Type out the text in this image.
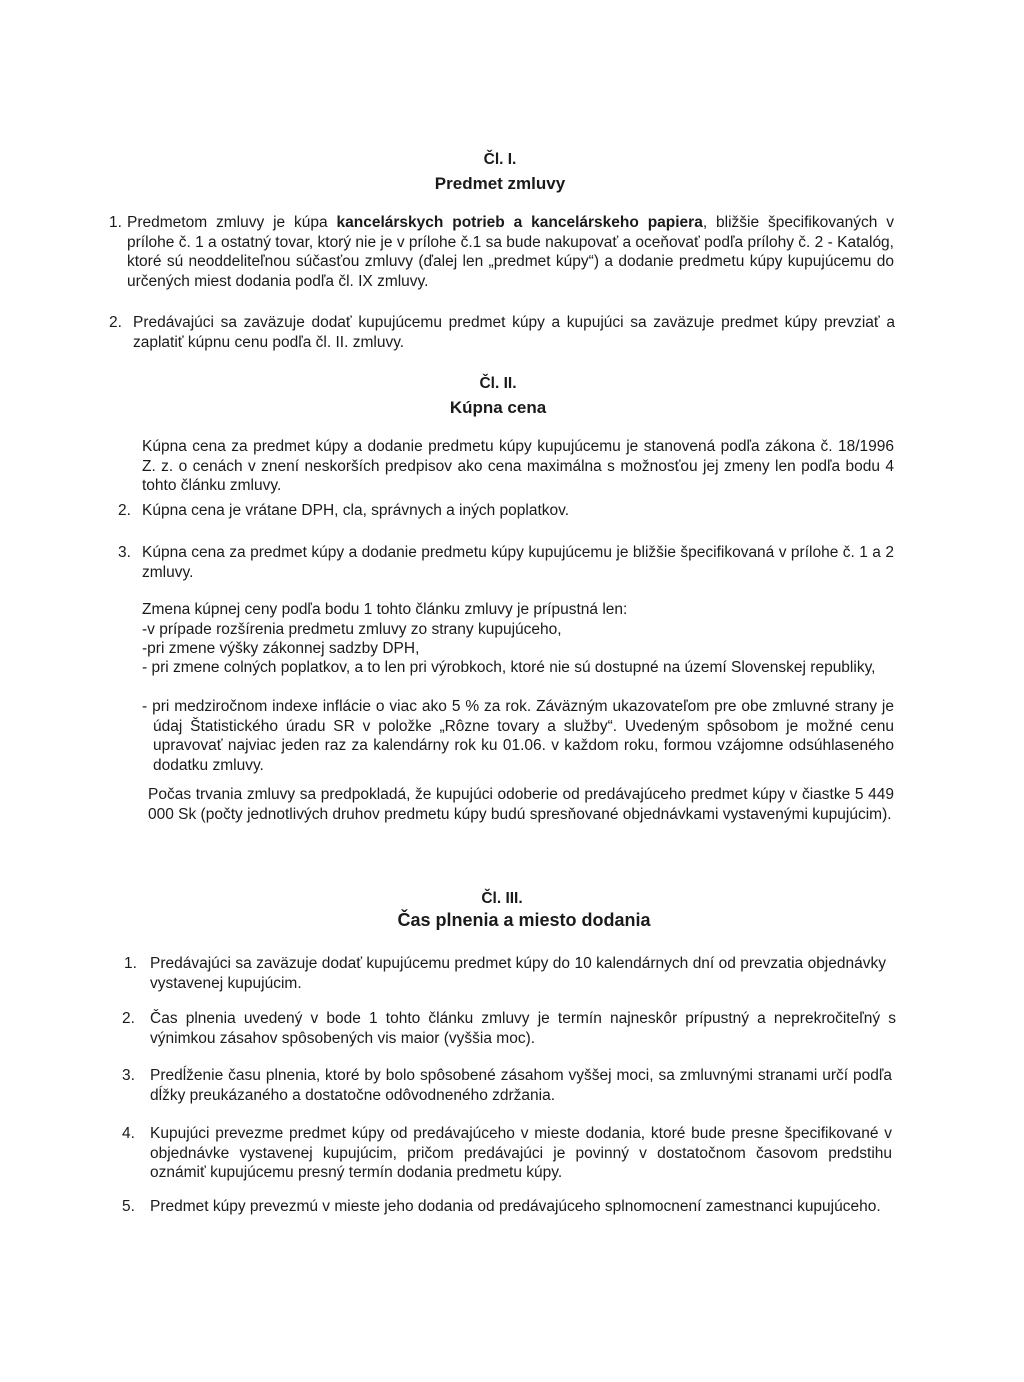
Čl. I.
Predmet zmluvy
1. Predmetom zmluvy je kúpa kancelárskych potrieb a kancelárskeho papiera, bližšie špecifikovaných v prílohe č. 1 a ostatný tovar, ktorý nie je v prílohe č.1 sa bude nakupovať a oceňovať podľa prílohy č. 2 - Katalóg, ktoré sú neoddeliteľnou súčasťou zmluvy (ďalej len „predmet kúpy“) a dodanie predmetu kúpy kupujúcemu do určených miest dodania podľa čl. IX zmluvy.

2. Predávajúci sa zaväzuje dodať kupujúcemu predmet kúpy a kupujúci sa zaväzuje predmet kúpy prevziať a zaplatiť kúpnu cenu podľa čl. II. zmluvy.

Čl. II.
Kúpna cena

Kúpna cena za predmet kúpy a dodanie predmetu kúpy kupujúcemu je stanovená podľa zákona č. 18/1996 Z. z. o cenách v znení neskorších predpisov ako cena maximálna s možnosťou jej zmeny len podľa bodu 4 tohto článku zmluvy.

2. Kúpna cena je vrátane DPH, cla, správnych a iných poplatkov.

3. Kúpna cena za predmet kúpy a dodanie predmetu kúpy kupujúcemu je bližšie špecifikovaná v prílohe č. 1 a 2 zmluvy.

Zmena kúpnej ceny podľa bodu 1 tohto článku zmluvy je prípustná len:

-v prípade rozšírenia predmetu zmluvy zo strany kupujúceho,

-pri zmene výšky zákonnej sadzby DPH,

- pri zmene colných poplatkov, a to len pri výrobkoch, ktoré nie sú dostupné na území Slovenskej republiky,

- pri medziročnom indexe inflácie o viac ako 5 % za rok. Záväzným ukazovateľom pre obe zmluvné strany je údaj Štatistického úradu SR v položke „Rôzne tovary a služby“. Uvedeným spôsobom je možné cenu upravovať najviac jeden raz za kalendárny rok ku 01.06. v každom roku, formou vzájomne odsúhlaseného dodatku zmluvy.

Počas trvania zmluvy sa predpokladá, že kupujúci odoberie od predávajúceho predmet kúpy v čiastke 5 449 000 Sk (počty jednotlivých druhov predmetu kúpy budú spresňované objednávkami vystavenými kupujúcim).

Čl. III.
Čas plnenia a miesto dodania
1. Predávajúci sa zaväzuje dodať kupujúcemu predmet kúpy do 10 kalendárnych dní od prevzatia objednávky vystavenej kupujúcim.

2. Čas plnenia uvedený v bode 1 tohto článku zmluvy je termín najneskôr prípustný a neprekročiteľný s výnimkou zásahov spôsobených vis maior (vyššia moc).

3. Predĺženie času plnenia, ktoré by bolo spôsobené zásahom vyššej moci, sa zmluvnými stranami určí podľa dĺžky preukázaného a dostatočne odôvodneného zdržania.

4. Kupujúci prevezme predmet kúpy od predávajúceho v mieste dodania, ktoré bude presne špecifikované v objednávke vystavenej kupujúcim, pričom predávajúci je povinný v dostatočnom časovom predstihu oznámiť kupujúcemu presný termín dodania predmetu kúpy.

5. Predmet kúpy prevezmú v mieste jeho dodania od predávajúceho splnomocnení zamestnanci kupujúceho.
